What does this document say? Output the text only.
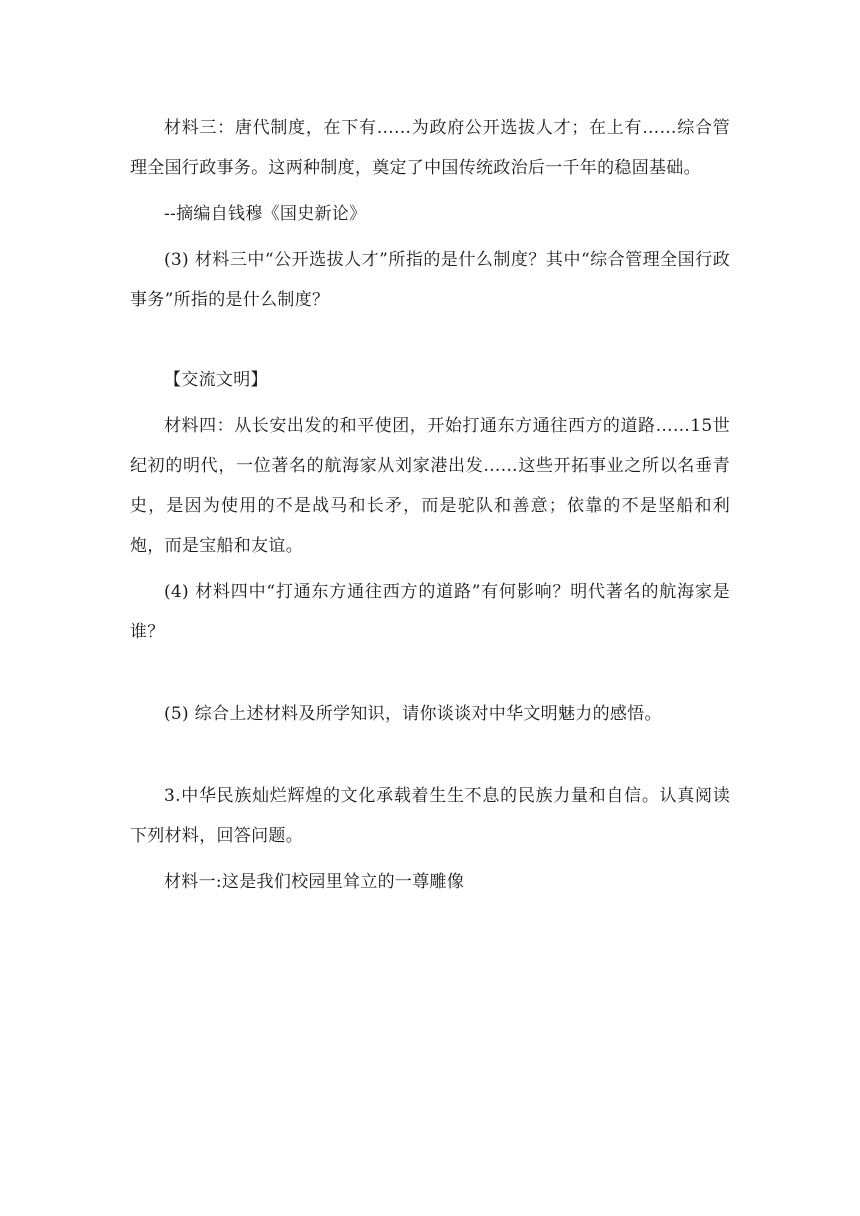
材料三：唐代制度，在下有……为政府公开选拔人才；在上有……综合管理全国行政事务。这两种制度，奠定了中国传统政治后一千年的稳固基础。

--摘编自钱穆《国史新论》

(3) 材料三中“公开选拔人才”所指的是什么制度？其中“综合管理全国行政事务”所指的是什么制度？

【交流文明】

材料四：从长安出发的和平使团，开始打通东方通往西方的道路……15世纪初的明代，一位著名的航海家从刘家港出发……这些开拓事业之所以名垂青史，是因为使用的不是战马和长矛，而是驼队和善意；依靠的不是坚船和利炮，而是宝船和友谊。

(4) 材料四中“打通东方通往西方的道路”有何影响？明代著名的航海家是谁？

(5) 综合上述材料及所学知识，请你谈谈对中华文明魅力的感悟。

3.中华民族灿烂辉煌的文化承载着生生不息的民族力量和自信。认真阅读下列材料，回答问题。

材料一:这是我们校园里耸立的一尊雕像
